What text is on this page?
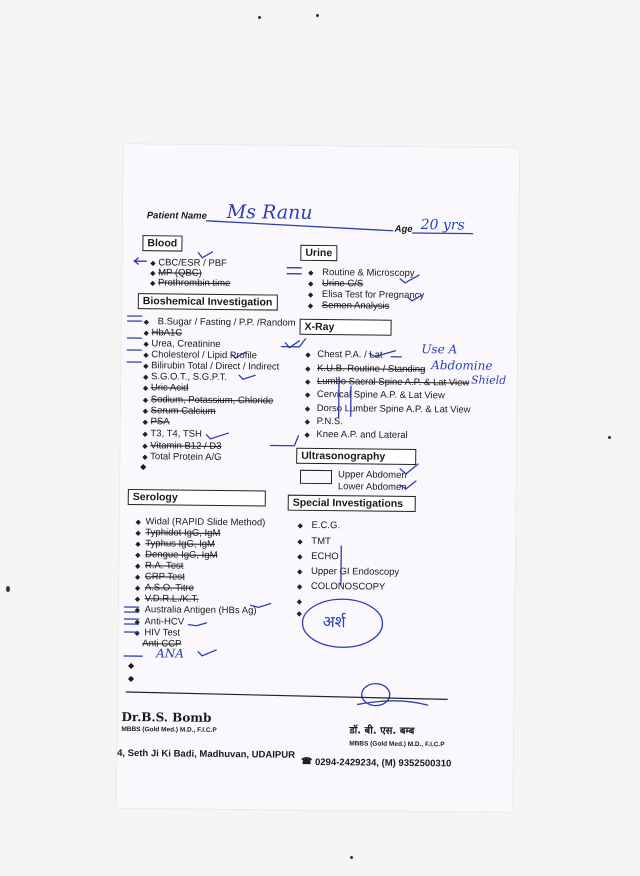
Patient Name Ms Ranu
Age 20 yrs
Blood
CBC/ESR / PBF
MP (QBC)
Prothrombin time
Bioshemical Investigation
B.Sugar / Fasting / P.P. /Random
HbA1C
Urea, Creatinine
Cholesterol / Lipid Profile
Bilirubin Total / Direct / Indirect
S.G.O.T., S.G.P.T.
Uric Acid
Sodium, Potassium, Chloride
Serum Calcium
PSA
T3, T4, TSH
Vitamin B12 / D3
Total Protein A/G
◆
Urine
Routine & Microscopy
Urine C/S
Elisa Test for Pregnancy
Semen Analysis
X-Ray
Chest P.A. / Lat
K.U.B. Routine / Standing
Lumbo Sacral Spine A.P. & Lat View
Cervical Spine A.P. & Lat View
Dorso Lumber Spine A.P. & Lat View
P.N.S.
Knee A.P. and Lateral
Use A
Abdomine
Shield
Ultrasonography
Upper Abdomen
Lower Abdomen
Serology
Widal (RAPID Slide Method)
Typhidot IgG, IgM
Typhus IgG, IgM
Dengue IgG, IgM
R.A. Test
CRP Test
A.S.O. Titre
V.D.R.L./K.T.
Australia Antigen (HBs Ag)
Anti-HCV
HIV Test
Anti CCP
ANA
◆
◆
Special Investigations
E.C.G.
TMT
ECHO
Upper GI Endoscopy
COLONOSCOPY
अर्श
◆
◆
◆
◆
◆
◆
◆
◆
◆
◆
◆
◆
◆
◆
◆
◆
◆
◆
◆
◆
◆
◆
◆
◆
◆
◆
◆
◆
◆
◆
◆
◆
◆
◆
◆
◆
◆
◆
◆
◆
◆
◆
◆
◆
◆
Dr.B.S. Bomb
MBBS (Gold Med.) M.D., F.I.C.P	डॉ. बी. एस. बम्ब
MBBS (Gold Med.) M.D., F.I.C.P
4, Seth Ji Ki Badi, Madhuvan, UDAIPUR
☎ 0294-2429234, (M) 9352500310
